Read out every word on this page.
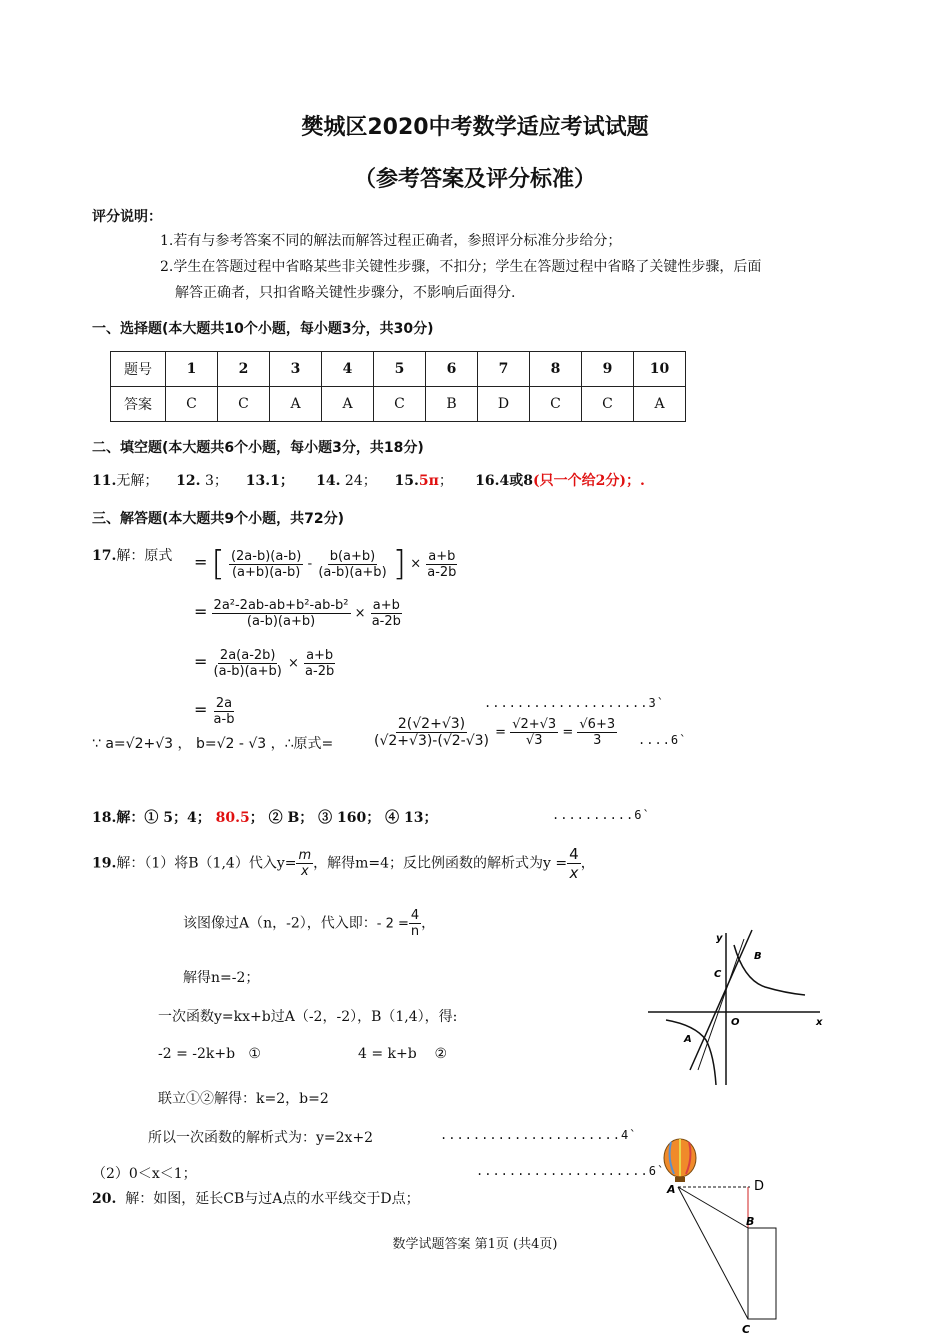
樊城区2020中考数学适应考试试题
（参考答案及评分标准）
评分说明：
1.若有与参考答案不同的解法而解答过程正确者，参照评分标准分步给分；
2.学生在答题过程中省略某些非关键性步骤，不扣分；学生在答题过程中省略了关键性步骤，后面
解答正确者，只扣省略关键性步骤分，不影响后面得分.
一、选择题(本大题共10个小题，每小题3分，共30分)
题号	1	2	3	4	5	6	7	8	9	10
答案	C	C	A	A	C	B	D	C	C	A
二、填空题(本大题共6个小题，每小题3分，共18分)
11.无解； 12. 3； 13.1； 14. 24； 15.5π； 16.4或8(只一个给2分)；.
三、解答题(本大题共9个小题，共72分)
17.解：原式 = [ $\frac{(2a-b)(a-b)}{(a+b)(a-b)} - \frac{b(a+b)}{(a-b)(a+b)}$ ] × $\frac{a+b}{a-2b}$
= $\frac{\text{2a²-2ab-ab+b²-ab-b²}}{(a-b)(a+b)} \times \frac{a+b}{a-2b}$
= $\frac{2a(a-2b)}{(a-b)(a+b)} \times \frac{a+b}{a-2b}$
= $\frac{2a}{a-b}$	....................3`
∵ a=√2+√3 ， b=√2 - √3 ，∴原式=	$\frac{2(√2+√3)}{(√2+√3)-(√2-√3)} = \frac{√2+√3}{√3} = \frac{√6+3}{3}$ ....6`
18.解：① 5；4； 80.5； ② B； ③ 160； ④ 13；	..........6`
19.解：（1）将B（1,4）代入$y= \frac{m}{x}$ ，解得m=4；反比例函数的解析式为$y = \frac{4}{x}$ ，
该图像过A（n，-2），代入即：- $2 = \frac{4}{n}$ ，
解得n=-2；
一次函数y=kx+b过A（-2，-2），B（1,4），得:
-2 = -2k+b   ①	4 = k+b    ②
联立①②解得：k=2，b=2
所以一次函数的解析式为：y=2x+2	......................4`
（2）0＜x＜1；	.....................6`
20. 解：如图，延长CB与过A点的水平线交于D点；
数学试题答案 第1页 (共4页)
y
x
O
A
B
C
A
B
C
D
